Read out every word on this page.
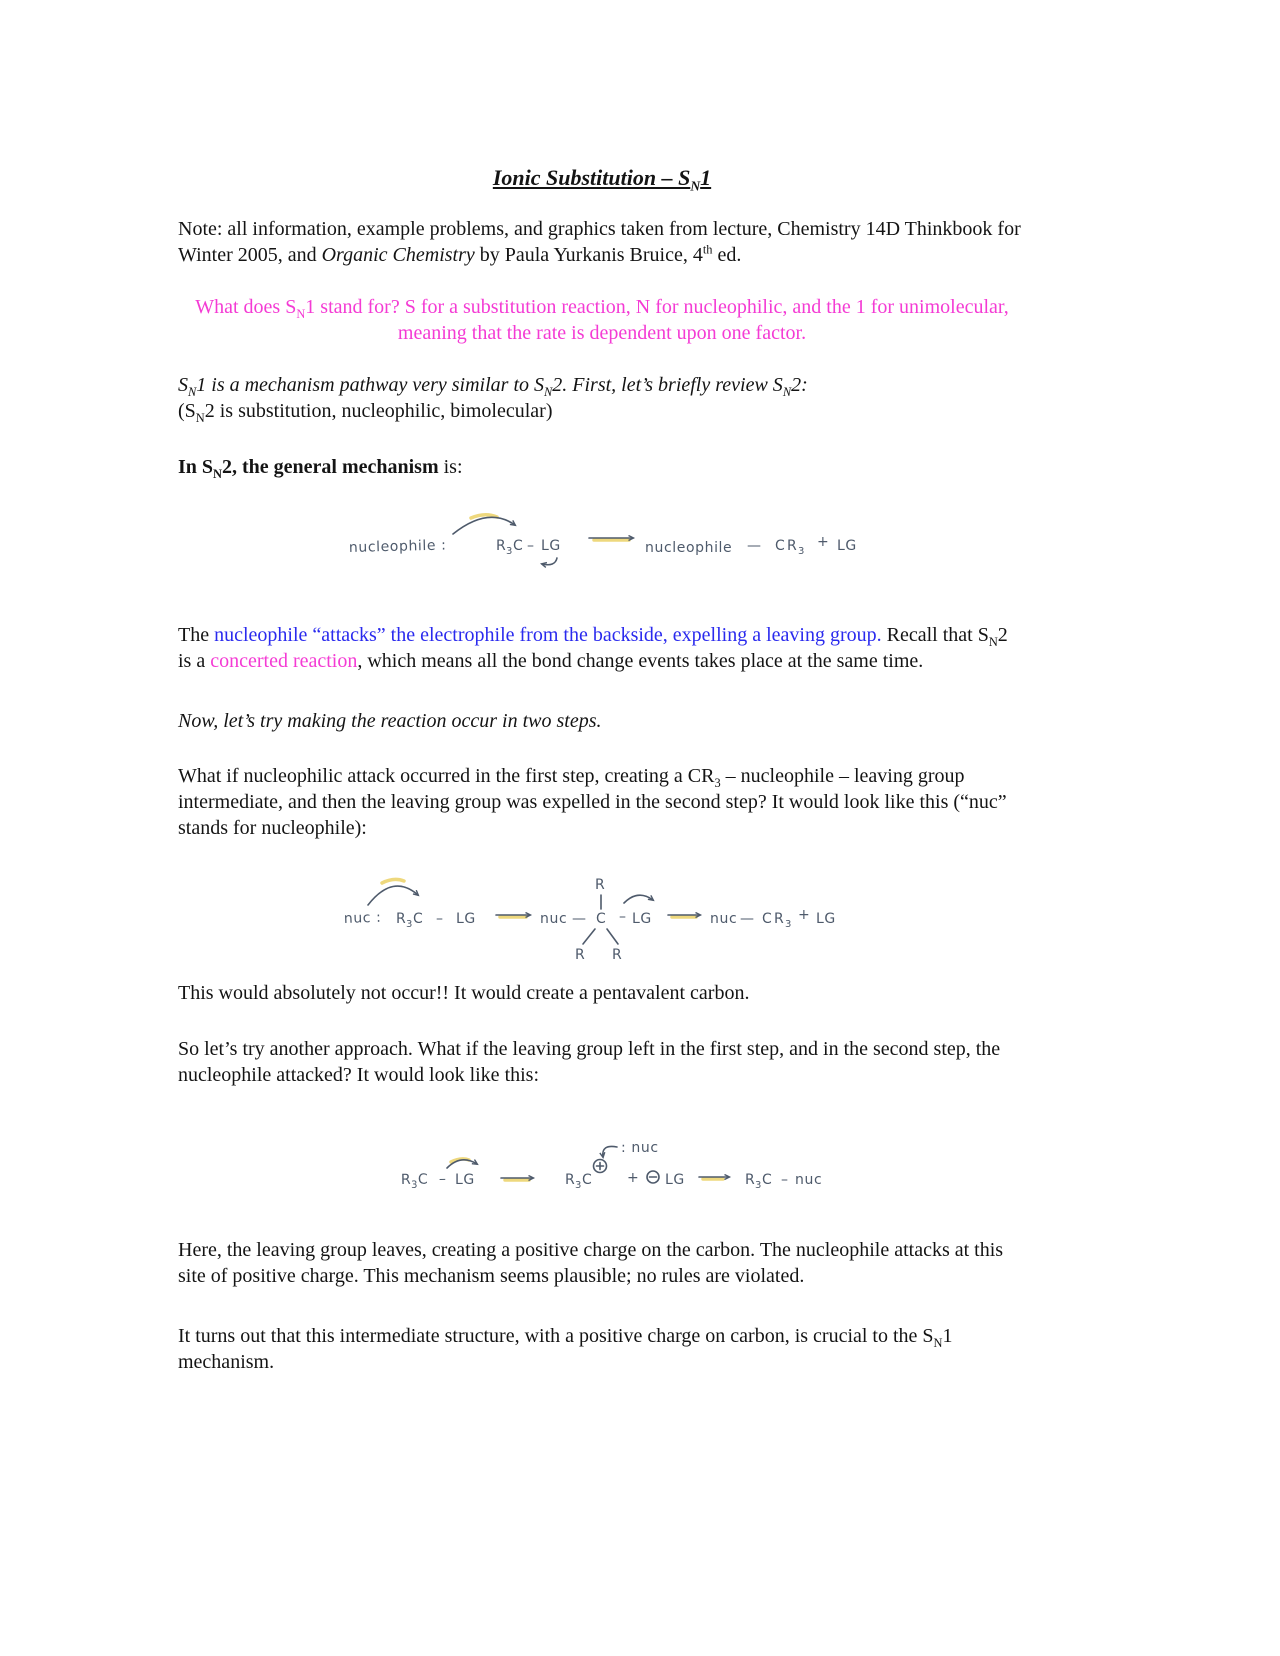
Ionic Substitution – $S_N1$

Note: all information, example problems, and graphics taken from lecture, Chemistry 14D Thinkbook for Winter 2005, and Organic Chemistry by Paula Yurkanis Bruice, 4th ed.

What does $S_N1$ stand for? S for a substitution reaction, N for nucleophilic, and the 1 for unimolecular, meaning that the rate is dependent upon one factor.

$S_N1$ is a mechanism pathway very similar to $S_N2$. First, let’s briefly review $S_N2$:
($S_N2$ is substitution, nucleophilic, bimolecular)

In $S_N2$, the general mechanism is:

nucleophile :	R3C – LG	nucleophile — C R3
+ LG

The nucleophile “attacks” the electrophile from the backside, expelling a leaving group. Recall that $S_N2$ is a concerted reaction, which means all the bond change events takes place at the same time.

Now, let’s try making the reaction occur in two steps.

What if nucleophilic attack occurred in the first step, creating a $CR_3$ – nucleophile – leaving group intermediate, and then the leaving group was expelled in the second step? It would look like this (“nuc” stands for nucleophile):

nuc : R3C – LG	nuc — C
R
R R
– LG	nuc — C R3
+ LG

This would absolutely not occur!! It would create a pentavalent carbon.

So let’s try another approach. What if the leaving group left in the first step, and in the second step, the nucleophile attacked? It would look like this:

R3C – LG	R3C
: nuc
+ LG	R3C – nuc

Here, the leaving group leaves, creating a positive charge on the carbon. The nucleophile attacks at this site of positive charge. This mechanism seems plausible; no rules are violated.

It turns out that this intermediate structure, with a positive charge on carbon, is crucial to the $S_N1$ mechanism.
